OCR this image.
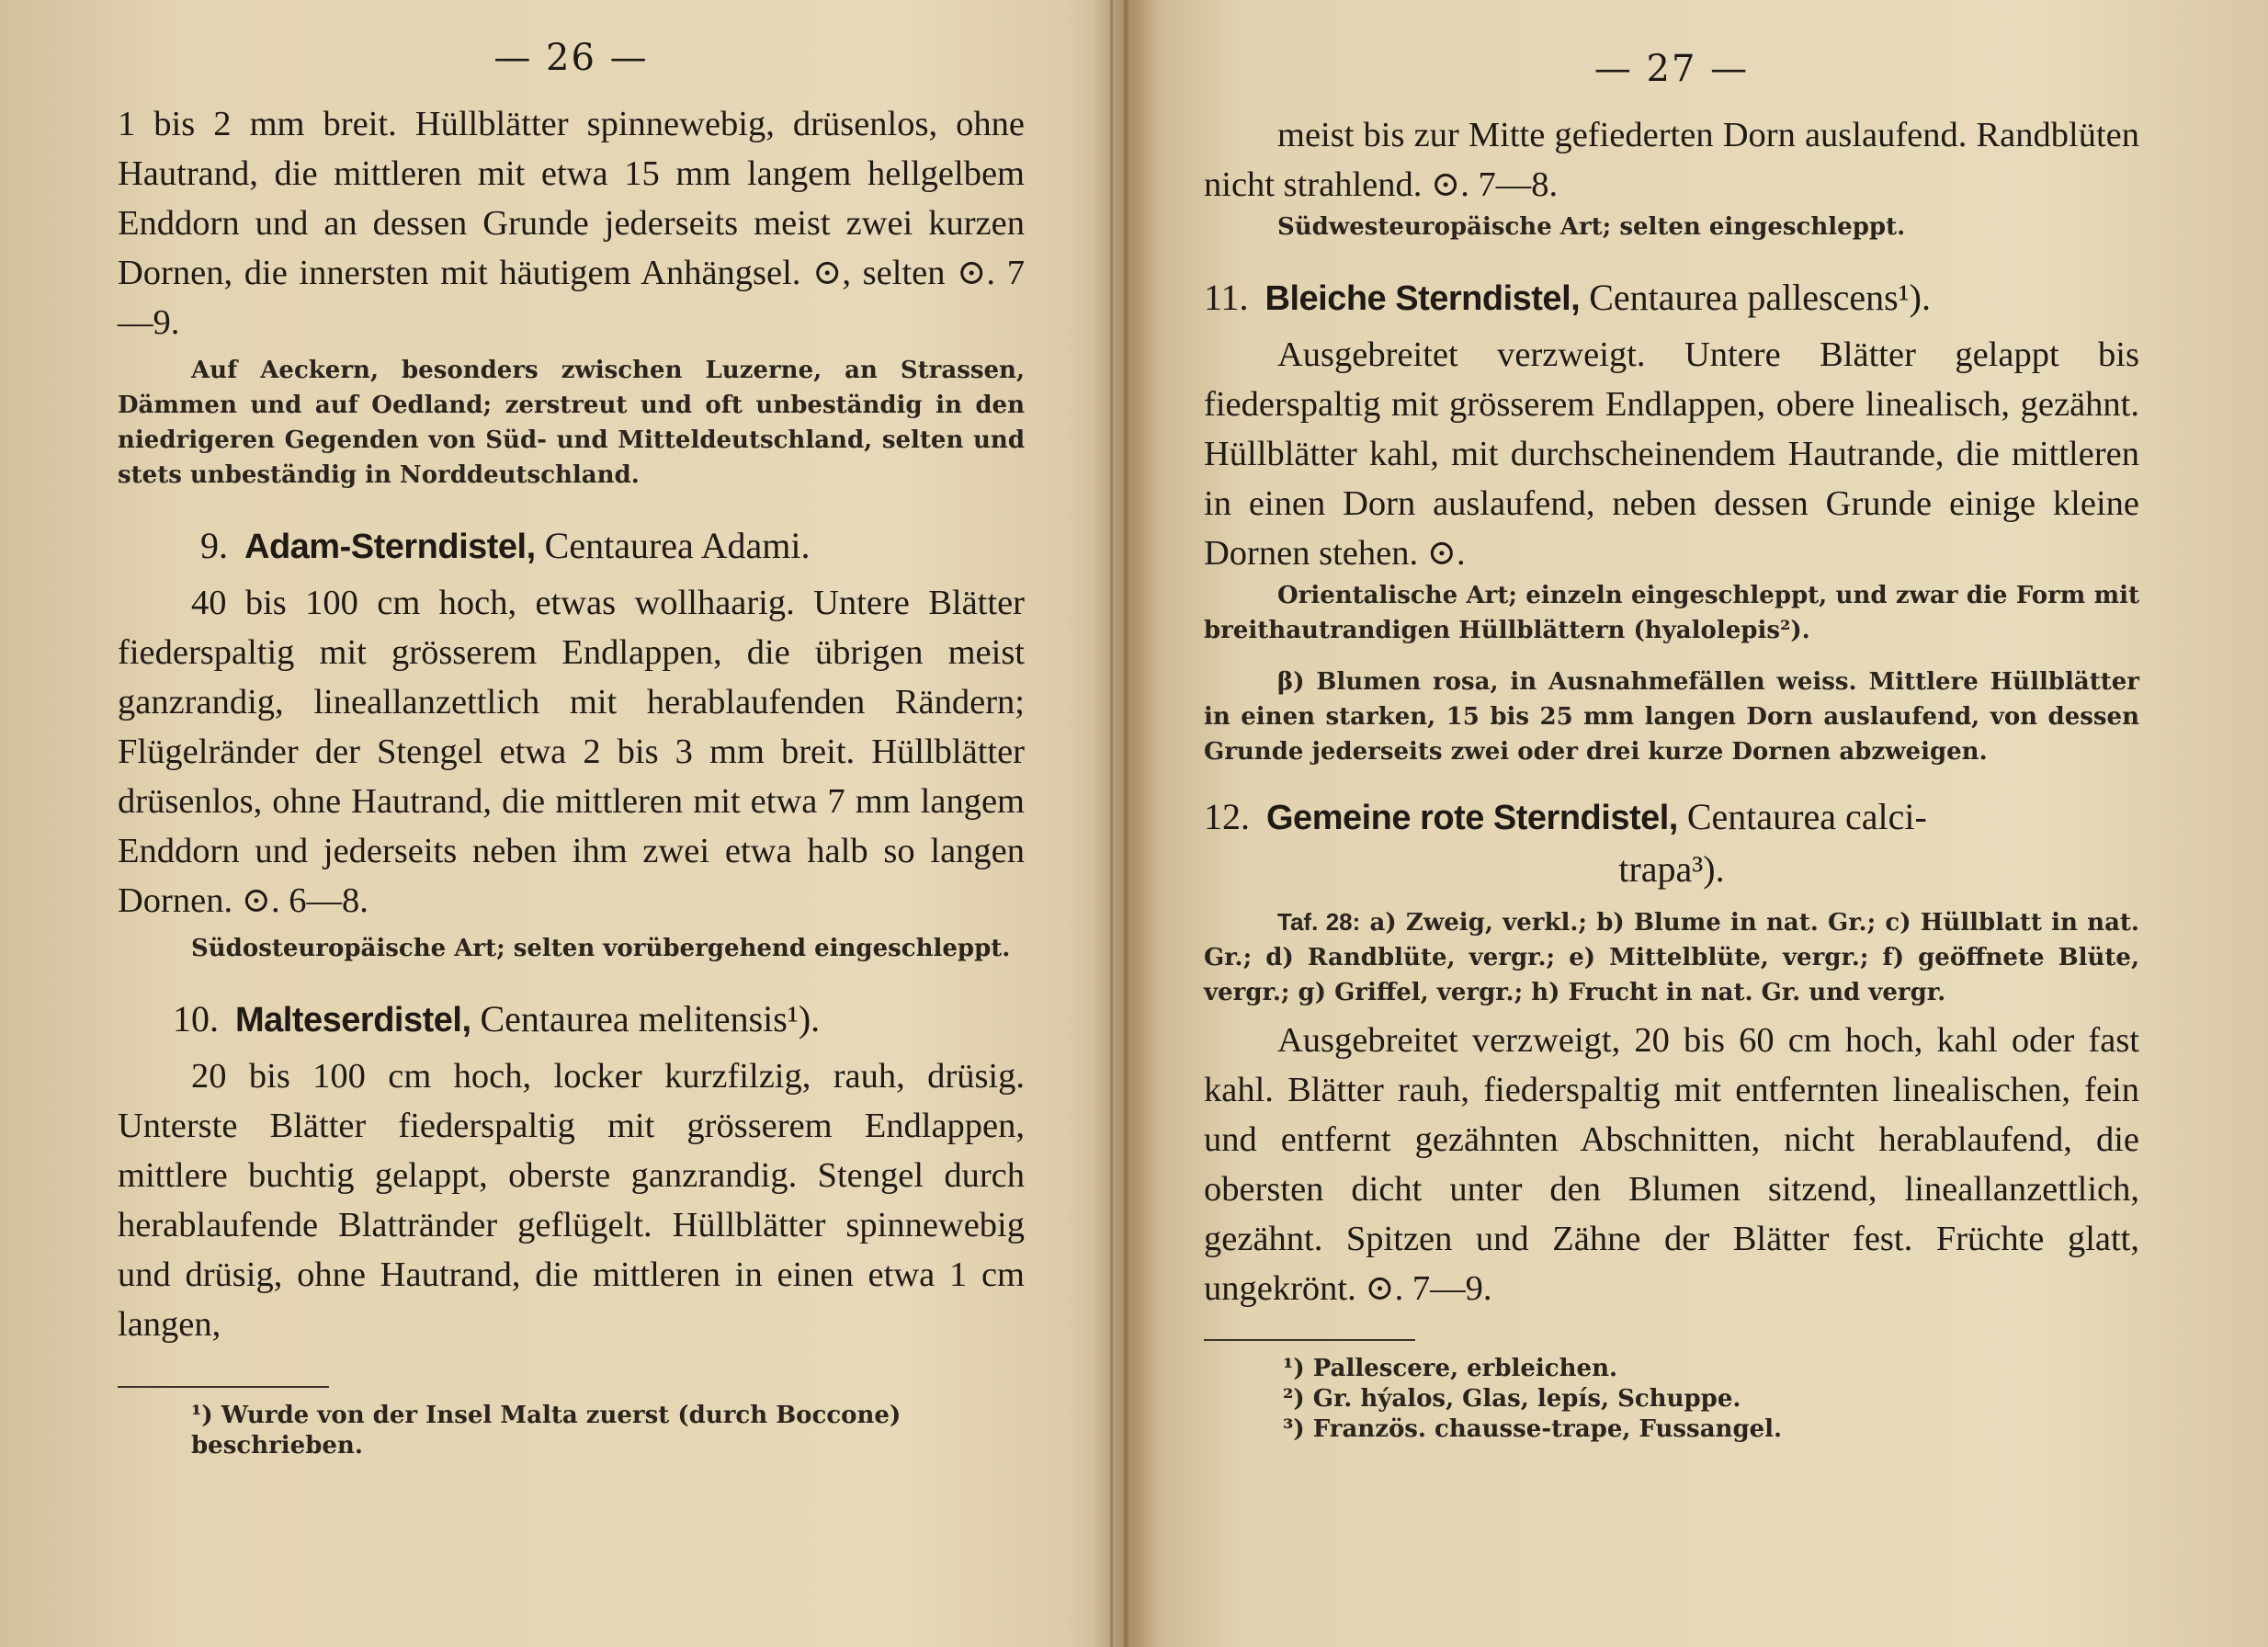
— 26 —

1 bis 2 mm breit. Hüllblätter spinnewebig, drüsenlos, ohne Hautrand, die mittleren mit etwa 15 mm langem hellgelbem Enddorn und an dessen Grunde jederseits meist zwei kurzen Dornen, die innersten mit häutigem Anhängsel. ⊙, selten ⊙. 7—9.

Auf Aeckern, besonders zwischen Luzerne, an Strassen, Dämmen und auf Oedland; zerstreut und oft unbeständig in den niedrigeren Gegenden von Süd- und Mitteldeutschland, selten und stets unbeständig in Norddeutschland.

9. Adam-Sterndistel, Centaurea Adami.

40 bis 100 cm hoch, etwas wollhaarig. Untere Blätter fiederspaltig mit grösserem Endlappen, die übrigen meist ganzrandig, lineallanzettlich mit herablaufenden Rändern; Flügelränder der Stengel etwa 2 bis 3 mm breit. Hüllblätter drüsenlos, ohne Hautrand, die mittleren mit etwa 7 mm langem Enddorn und jederseits neben ihm zwei etwa halb so langen Dornen. ⊙. 6—8.

Südosteuropäische Art; selten vorübergehend eingeschleppt.

10. Malteserdistel, Centaurea melitensis¹).

20 bis 100 cm hoch, locker kurzfilzig, rauh, drüsig. Unterste Blätter fiederspaltig mit grösserem Endlappen, mittlere buchtig gelappt, oberste ganzrandig. Stengel durch herablaufende Blattränder geflügelt. Hüllblätter spinnewebig und drüsig, ohne Hautrand, die mittleren in einen etwa 1 cm langen,

¹) Wurde von der Insel Malta zuerst (durch Boccone) beschrieben.

— 27 —

meist bis zur Mitte gefiederten Dorn auslaufend. Randblüten nicht strahlend. ⊙. 7—8.

Südwesteuropäische Art; selten eingeschleppt.

11. Bleiche Sterndistel, Centaurea pallescens¹).

Ausgebreitet verzweigt. Untere Blätter gelappt bis fiederspaltig mit grösserem Endlappen, obere linealisch, gezähnt. Hüllblätter kahl, mit durchscheinendem Hautrande, die mittleren in einen Dorn auslaufend, neben dessen Grunde einige kleine Dornen stehen. ⊙.

Orientalische Art; einzeln eingeschleppt, und zwar die Form mit breithautrandigen Hüllblättern (hyalolepis²).

β) Blumen rosa, in Ausnahmefällen weiss. Mittlere Hüllblätter in einen starken, 15 bis 25 mm langen Dorn auslaufend, von dessen Grunde jederseits zwei oder drei kurze Dornen abzweigen.

12. Gemeine rote Sterndistel, Centaurea calci-
trapa³).

Taf. 28: a) Zweig, verkl.; b) Blume in nat. Gr.; c) Hüllblatt in nat. Gr.; d) Randblüte, vergr.; e) Mittelblüte, vergr.; f) geöffnete Blüte, vergr.; g) Griffel, vergr.; h) Frucht in nat. Gr. und vergr.

Ausgebreitet verzweigt, 20 bis 60 cm hoch, kahl oder fast kahl. Blätter rauh, fiederspaltig mit entfernten linealischen, fein und entfernt gezähnten Abschnitten, nicht herablaufend, die obersten dicht unter den Blumen sitzend, lineallanzettlich, gezähnt. Spitzen und Zähne der Blätter fest. Früchte glatt, ungekrönt. ⊙. 7—9.

¹) Pallescere, erbleichen.

²) Gr. hýalos, Glas, lepís, Schuppe.

³) Französ. chausse-trape, Fussangel.
